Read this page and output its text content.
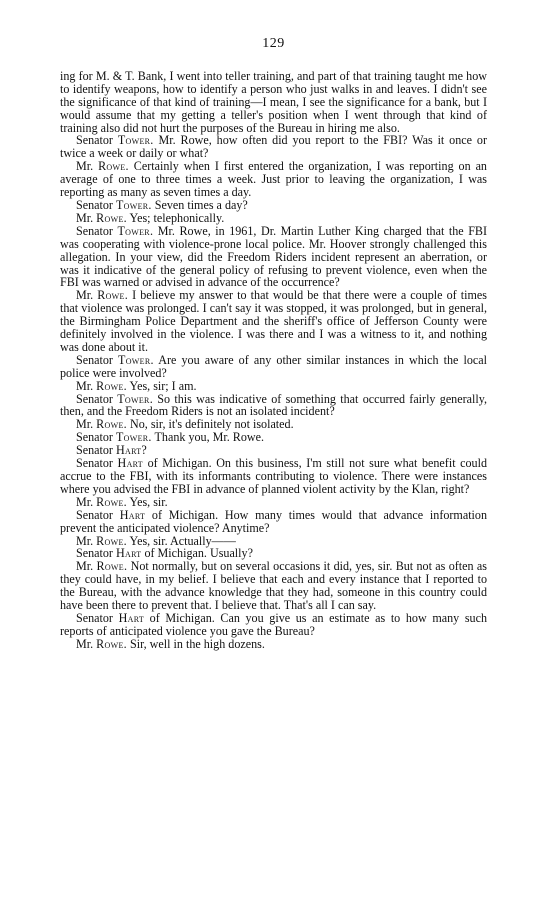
129

ing for M. & T. Bank, I went into teller training, and part of that training taught me how to identify weapons, how to identify a person who just walks in and leaves. I didn't see the significance of that kind of training—I mean, I see the significance for a bank, but I would assume that my getting a teller's position when I went through that kind of training also did not hurt the purposes of the Bureau in hiring me also.

Senator Tower. Mr. Rowe, how often did you report to the FBI? Was it once or twice a week or daily or what?

Mr. Rowe. Certainly when I first entered the organization, I was reporting on an average of one to three times a week. Just prior to leaving the organization, I was reporting as many as seven times a day.

Senator Tower. Seven times a day?

Mr. Rowe. Yes; telephonically.

Senator Tower. Mr. Rowe, in 1961, Dr. Martin Luther King charged that the FBI was cooperating with violence-prone local police. Mr. Hoover strongly challenged this allegation. In your view, did the Freedom Riders incident represent an aberration, or was it indicative of the general policy of refusing to prevent violence, even when the FBI was warned or advised in advance of the occurrence?

Mr. Rowe. I believe my answer to that would be that there were a couple of times that violence was prolonged. I can't say it was stopped, it was prolonged, but in general, the Birmingham Police Department and the sheriff's office of Jefferson County were definitely involved in the violence. I was there and I was a witness to it, and nothing was done about it.

Senator Tower. Are you aware of any other similar instances in which the local police were involved?

Mr. Rowe. Yes, sir; I am.

Senator Tower. So this was indicative of something that occurred fairly generally, then, and the Freedom Riders is not an isolated incident?

Mr. Rowe. No, sir, it's definitely not isolated.

Senator Tower. Thank you, Mr. Rowe.

Senator Hart?

Senator Hart of Michigan. On this business, I'm still not sure what benefit could accrue to the FBI, with its informants contributing to violence. There were instances where you advised the FBI in advance of planned violent activity by the Klan, right?

Mr. Rowe. Yes, sir.

Senator Hart of Michigan. How many times would that advance information prevent the anticipated violence? Anytime?

Mr. Rowe. Yes, sir. Actually——

Senator Hart of Michigan. Usually?

Mr. Rowe. Not normally, but on several occasions it did, yes, sir. But not as often as they could have, in my belief. I believe that each and every instance that I reported to the Bureau, with the advance knowledge that they had, someone in this country could have been there to prevent that. I believe that. That's all I can say.

Senator Hart of Michigan. Can you give us an estimate as to how many such reports of anticipated violence you gave the Bureau?

Mr. Rowe. Sir, well in the high dozens.
